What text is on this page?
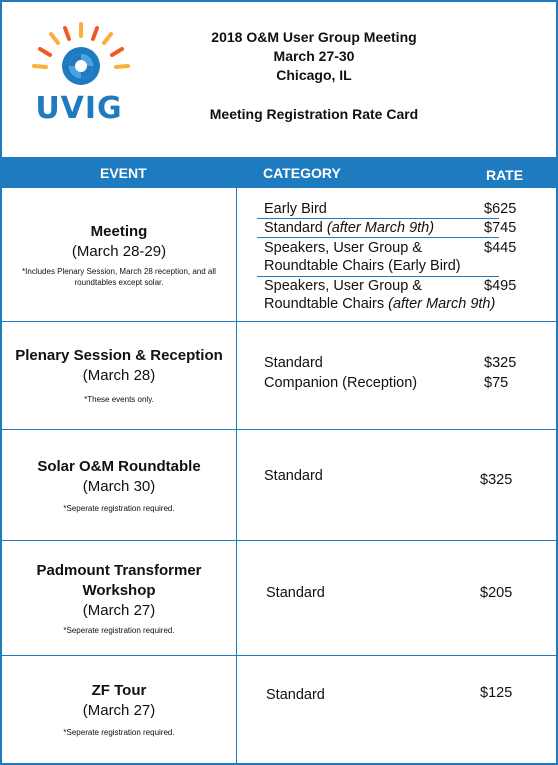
UVIG
2018 O&M User Group Meeting
March 27-30
Chicago, IL
Meeting Registration Rate Card
EVENT	CATEGORY	RATE
Meeting
(March 28-29)
*Includes Plenary Session, March 28 reception, and all roundtables except solar.
Early Bird	$625
Standard (after March 9th)	$745
Speakers, User Group &
Roundtable Chairs (Early Bird)
$445
Speakers, User Group &
Roundtable Chairs (after March 9th)
$495
Plenary Session & Reception
(March 28)
*These events only.
Standard	$325
Companion (Reception)	$75
Solar O&M Roundtable
(March 30)
*Seperate registration required.
Standard	$325
Padmount Transformer
Workshop
(March 27)
*Seperate registration required.
Standard	$205
ZF Tour
(March 27)
*Seperate registration required.
Standard	$125
